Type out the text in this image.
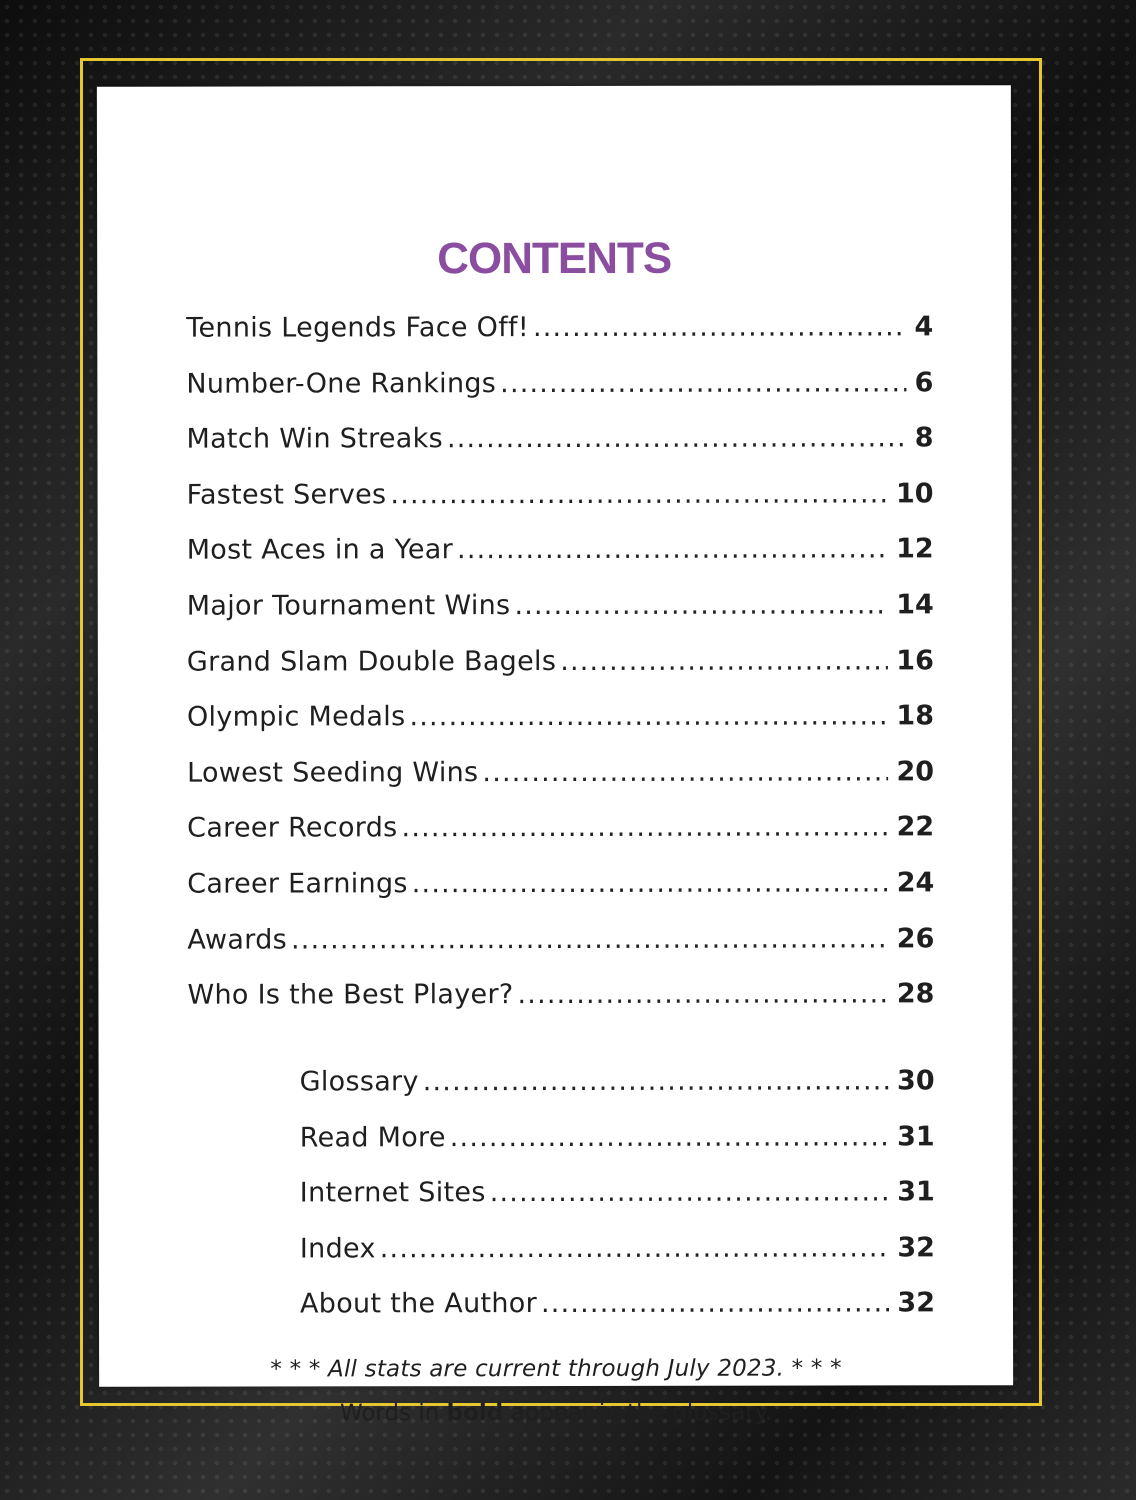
CONTENTS
Tennis Legends Face Off! .....	4
Number-One Rankings .....	6
Match Win Streaks .....	8
Fastest Serves .....	10
Most Aces in a Year .....	12
Major Tournament Wins .....	14
Grand Slam Double Bagels .....	16
Olympic Medals .....	18
Lowest Seeding Wins .....	20
Career Records .....	22
Career Earnings .....	24
Awards .....	26
Who Is the Best Player? .....	28
Glossary .....	30
Read More .....	31
Internet Sites .....	31
Index .....	32
About the Author .....	32
* * * All stats are current through July 2023. * * *
Words in bold appear in the glossary.
